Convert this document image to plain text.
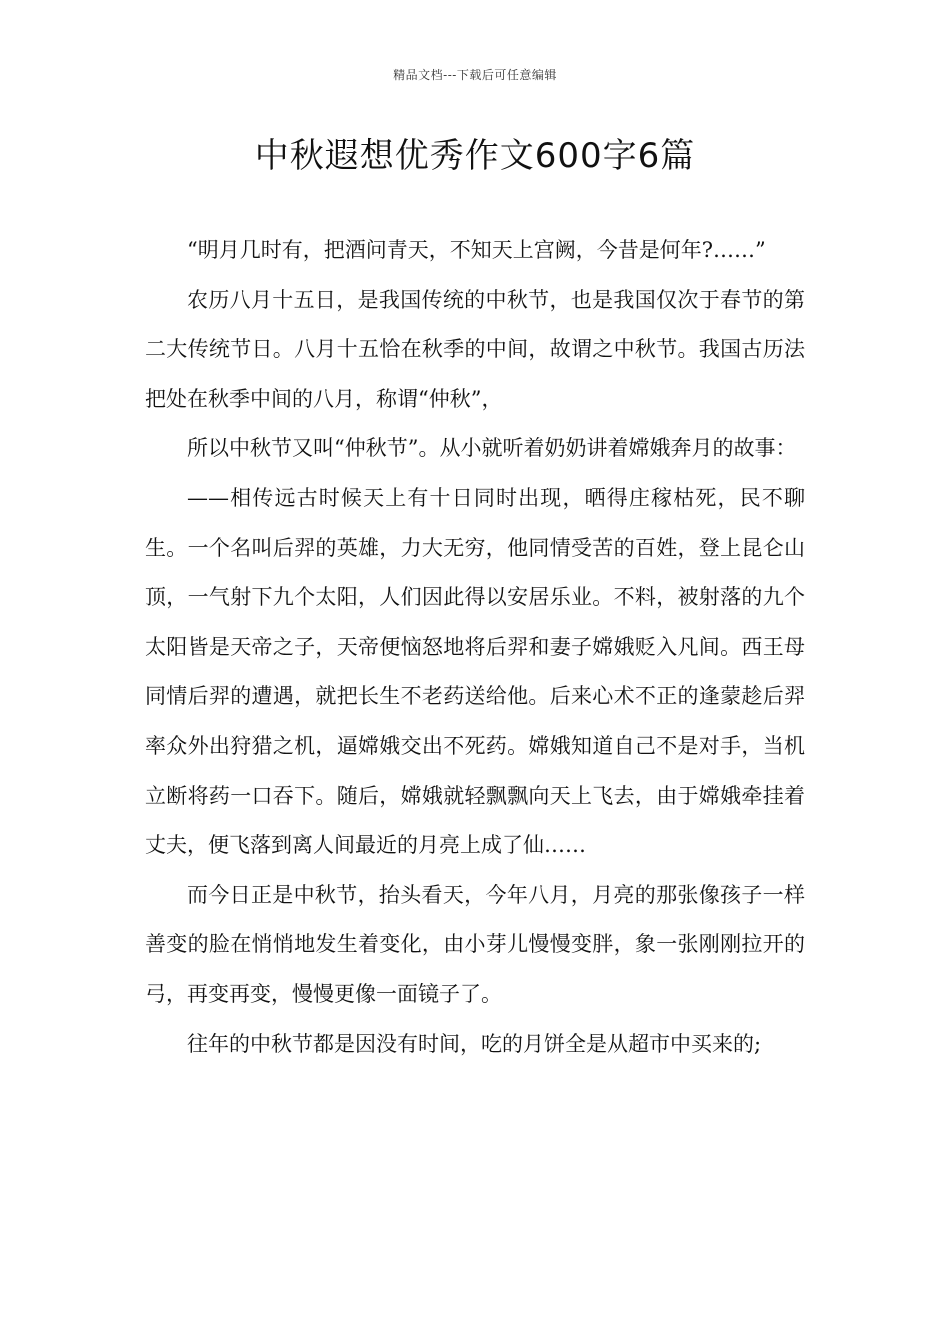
精品文档---下载后可任意编辑
中秋遐想优秀作文600字6篇

“明月几时有，把酒问青天，不知天上宫阙，今昔是何年?……”

农历八月十五日，是我国传统的中秋节，也是我国仅次于春节的第二大传统节日。八月十五恰在秋季的中间，故谓之中秋节。我国古历法把处在秋季中间的八月，称谓“仲秋”，

所以中秋节又叫“仲秋节”。从小就听着奶奶讲着嫦娥奔月的故事：

——相传远古时候天上有十日同时出现，晒得庄稼枯死，民不聊生。一个名叫后羿的英雄，力大无穷，他同情受苦的百姓，登上昆仑山顶，一气射下九个太阳，人们因此得以安居乐业。不料，被射落的九个太阳皆是天帝之子，天帝便恼怒地将后羿和妻子嫦娥贬入凡间。西王母同情后羿的遭遇，就把长生不老药送给他。后来心术不正的逢蒙趁后羿率众外出狩猎之机，逼嫦娥交出不死药。嫦娥知道自己不是对手，当机立断将药一口吞下。随后，嫦娥就轻飘飘向天上飞去，由于嫦娥牵挂着丈夫，便飞落到离人间最近的月亮上成了仙……

而今日正是中秋节，抬头看天，今年八月，月亮的那张像孩子一样善变的脸在悄悄地发生着变化，由小芽儿慢慢变胖，象一张刚刚拉开的弓，再变再变，慢慢更像一面镜子了。

往年的中秋节都是因没有时间，吃的月饼全是从超市中买来的;
